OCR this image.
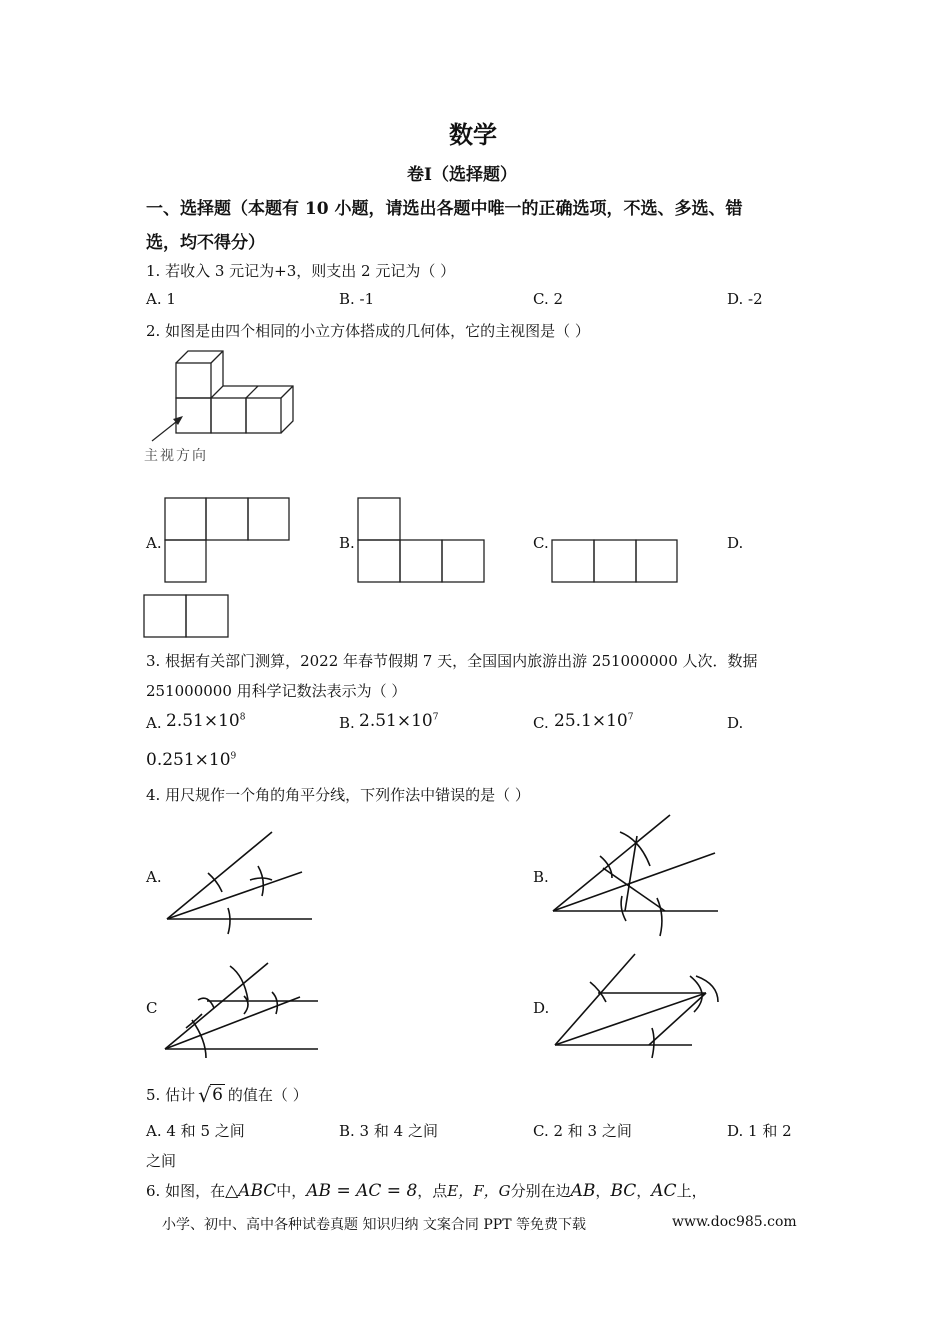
数学
卷Ⅰ（选择题）
一、选择题（本题有 10 小题，请选出各题中唯一的正确选项，不选、多选、错
选，均不得分）
1. 若收入 3 元记为+3，则支出 2 元记为（ ）
A. 1	B. -1	C. 2	D. -2
2. 如图是由四个相同的小立方体搭成的几何体，它的主视图是（ ）
主视方向
A.	B.	C.	D.
3. 根据有关部门测算，2022 年春节假期 7 天，全国国内旅游出游 251000000 人次．数据
251000000 用科学记数法表示为（ ）
A. $2.51\times 10^8$	B. $2.51\times 10^7$	C. $25.1\times 10^7$	D.
$0.251\times 10^9$
4. 用尺规作一个角的角平分线，下列作法中错误的是（ ）
A.	B.
C	D.
5. 估计 √ 6 的值在（ ）
A. 4 和 5 之间	B. 3 和 4 之间	C. 2 和 3 之间	D. 1 和 2
之间
6. 如图，在△ABC中，AB = AC = 8，点E，F，G分别在边AB，BC，AC上，
小学、初中、高中各种试卷真题 知识归纳 文案合同 PPT 等免费下载	www.doc985.com
